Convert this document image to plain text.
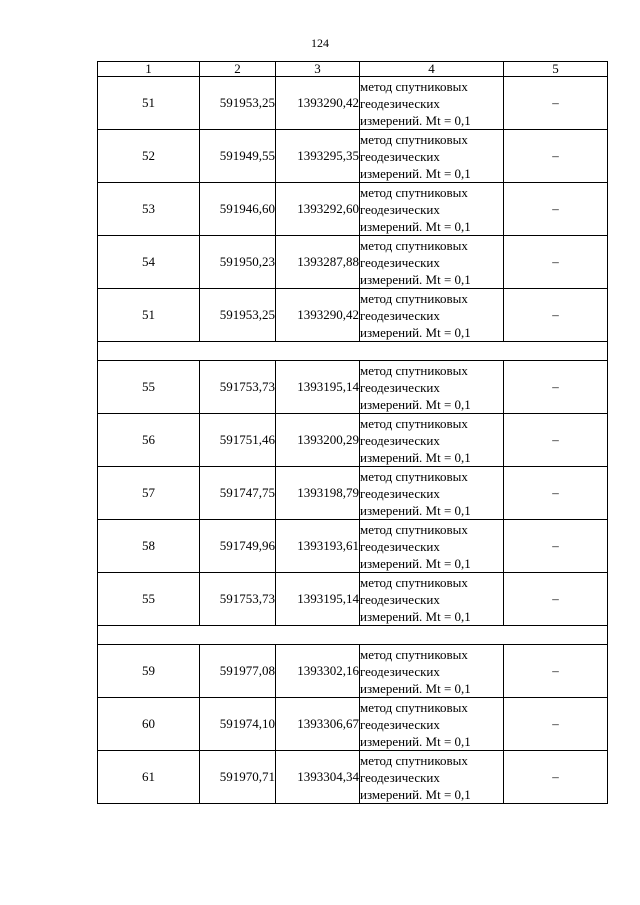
124
1	2	3	4	5
51	591953,25	1393290,42	метод спутниковых
геодезических
измерений. Mt = 0,1	–
52	591949,55	1393295,35	метод спутниковых
геодезических
измерений. Mt = 0,1	–
53	591946,60	1393292,60	метод спутниковых
геодезических
измерений. Mt = 0,1	–
54	591950,23	1393287,88	метод спутниковых
геодезических
измерений. Mt = 0,1	–
51	591953,25	1393290,42	метод спутниковых
геодезических
измерений. Mt = 0,1	–

55	591753,73	1393195,14	метод спутниковых
геодезических
измерений. Mt = 0,1	–
56	591751,46	1393200,29	метод спутниковых
геодезических
измерений. Mt = 0,1	–
57	591747,75	1393198,79	метод спутниковых
геодезических
измерений. Mt = 0,1	–
58	591749,96	1393193,61	метод спутниковых
геодезических
измерений. Mt = 0,1	–
55	591753,73	1393195,14	метод спутниковых
геодезических
измерений. Mt = 0,1	–

59	591977,08	1393302,16	метод спутниковых
геодезических
измерений. Mt = 0,1	–
60	591974,10	1393306,67	метод спутниковых
геодезических
измерений. Mt = 0,1	–
61	591970,71	1393304,34	метод спутниковых
геодезических
измерений. Mt = 0,1	–
